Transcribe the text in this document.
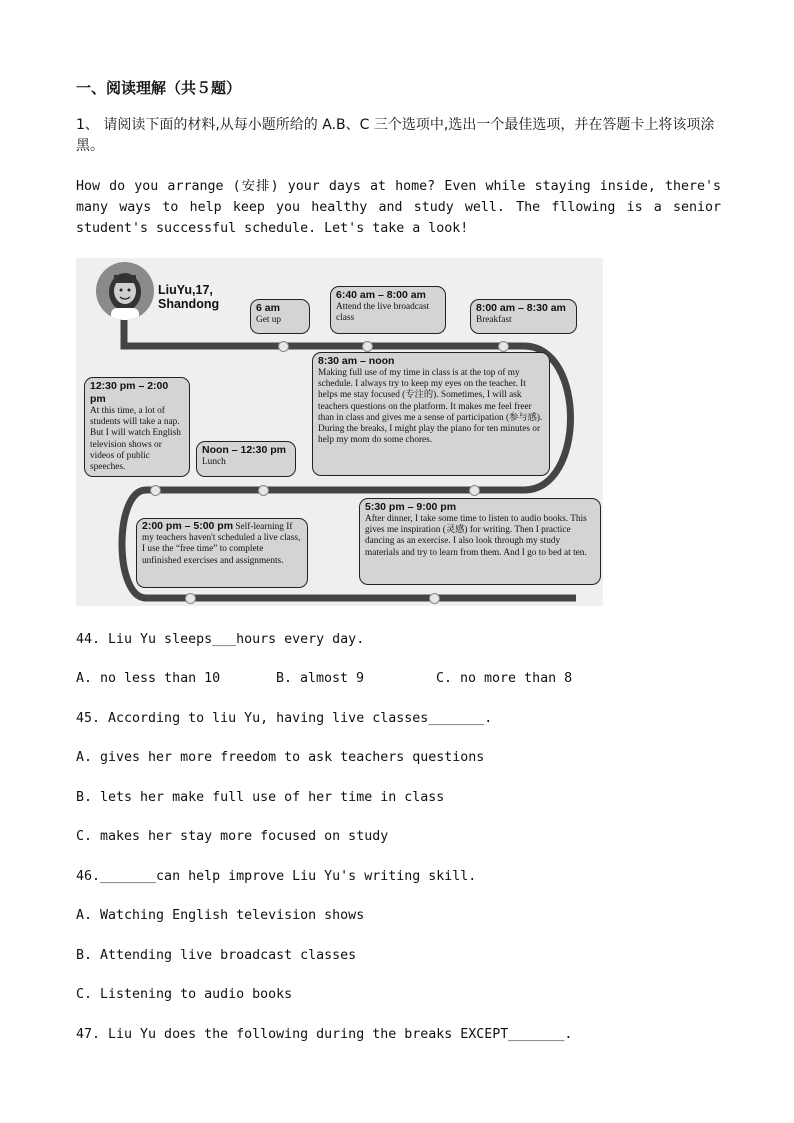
一、阅读理解（共５题）
1、 请阅读下面的材料,从每小题所给的 A.B、C 三个选项中,选出一个最佳选项，并在答题卡上将该项涂黑。
How do you arrange (安排) your days at home? Even while staying inside, there's many ways to help keep you healthy and study well. The fllowing is a senior student's successful schedule. Let's take a look!
LiuYu,17,
Shandong	6 am
Get up
6:40 am – 8:00 am
Attend the live broadcast class
8:00 am – 8:30 am
Breakfast
8:30 am – noon
Making full use of my time in class is at the top of my schedule. I always try to keep my eyes on the teacher. It helps me stay focused (专注的). Sometimes, I will ask teachers questions on the platform. It makes me feel freer than in class and gives me a sense of participation (参与感). During the breaks, I might play the piano for ten minutes or help my mom do some chores.
12:30 pm – 2:00 pm
At this time, a lot of students will take a nap. But I will watch English television shows or videos of public speeches.
Noon – 12:30 pm
Lunch
2:00 pm – 5:00 pm Self-learning If my teachers haven't scheduled a live class, I use the “free time” to complete unfinished exercises and assignments.
5:30 pm – 9:00 pm
After dinner, I take some time to listen to audio books. This gives me inspiration (灵感) for writing. Then I practice dancing as an exercise. I also look through my study materials and try to learn from them. And I go to bed at ten.
44. Liu Yu sleeps___hours every day.
A. no less than 10	B. almost 9	C. no more than 8
45. According to liu Yu, having live classes_______.
A. gives her more freedom to ask teachers questions
B. lets her make full use of her time in class
C. makes her stay more focused on study
46._______can help improve Liu Yu's writing skill.
A. Watching English television shows
B. Attending live broadcast classes
C. Listening to audio books
47. Liu Yu does the following during the breaks EXCEPT_______.
